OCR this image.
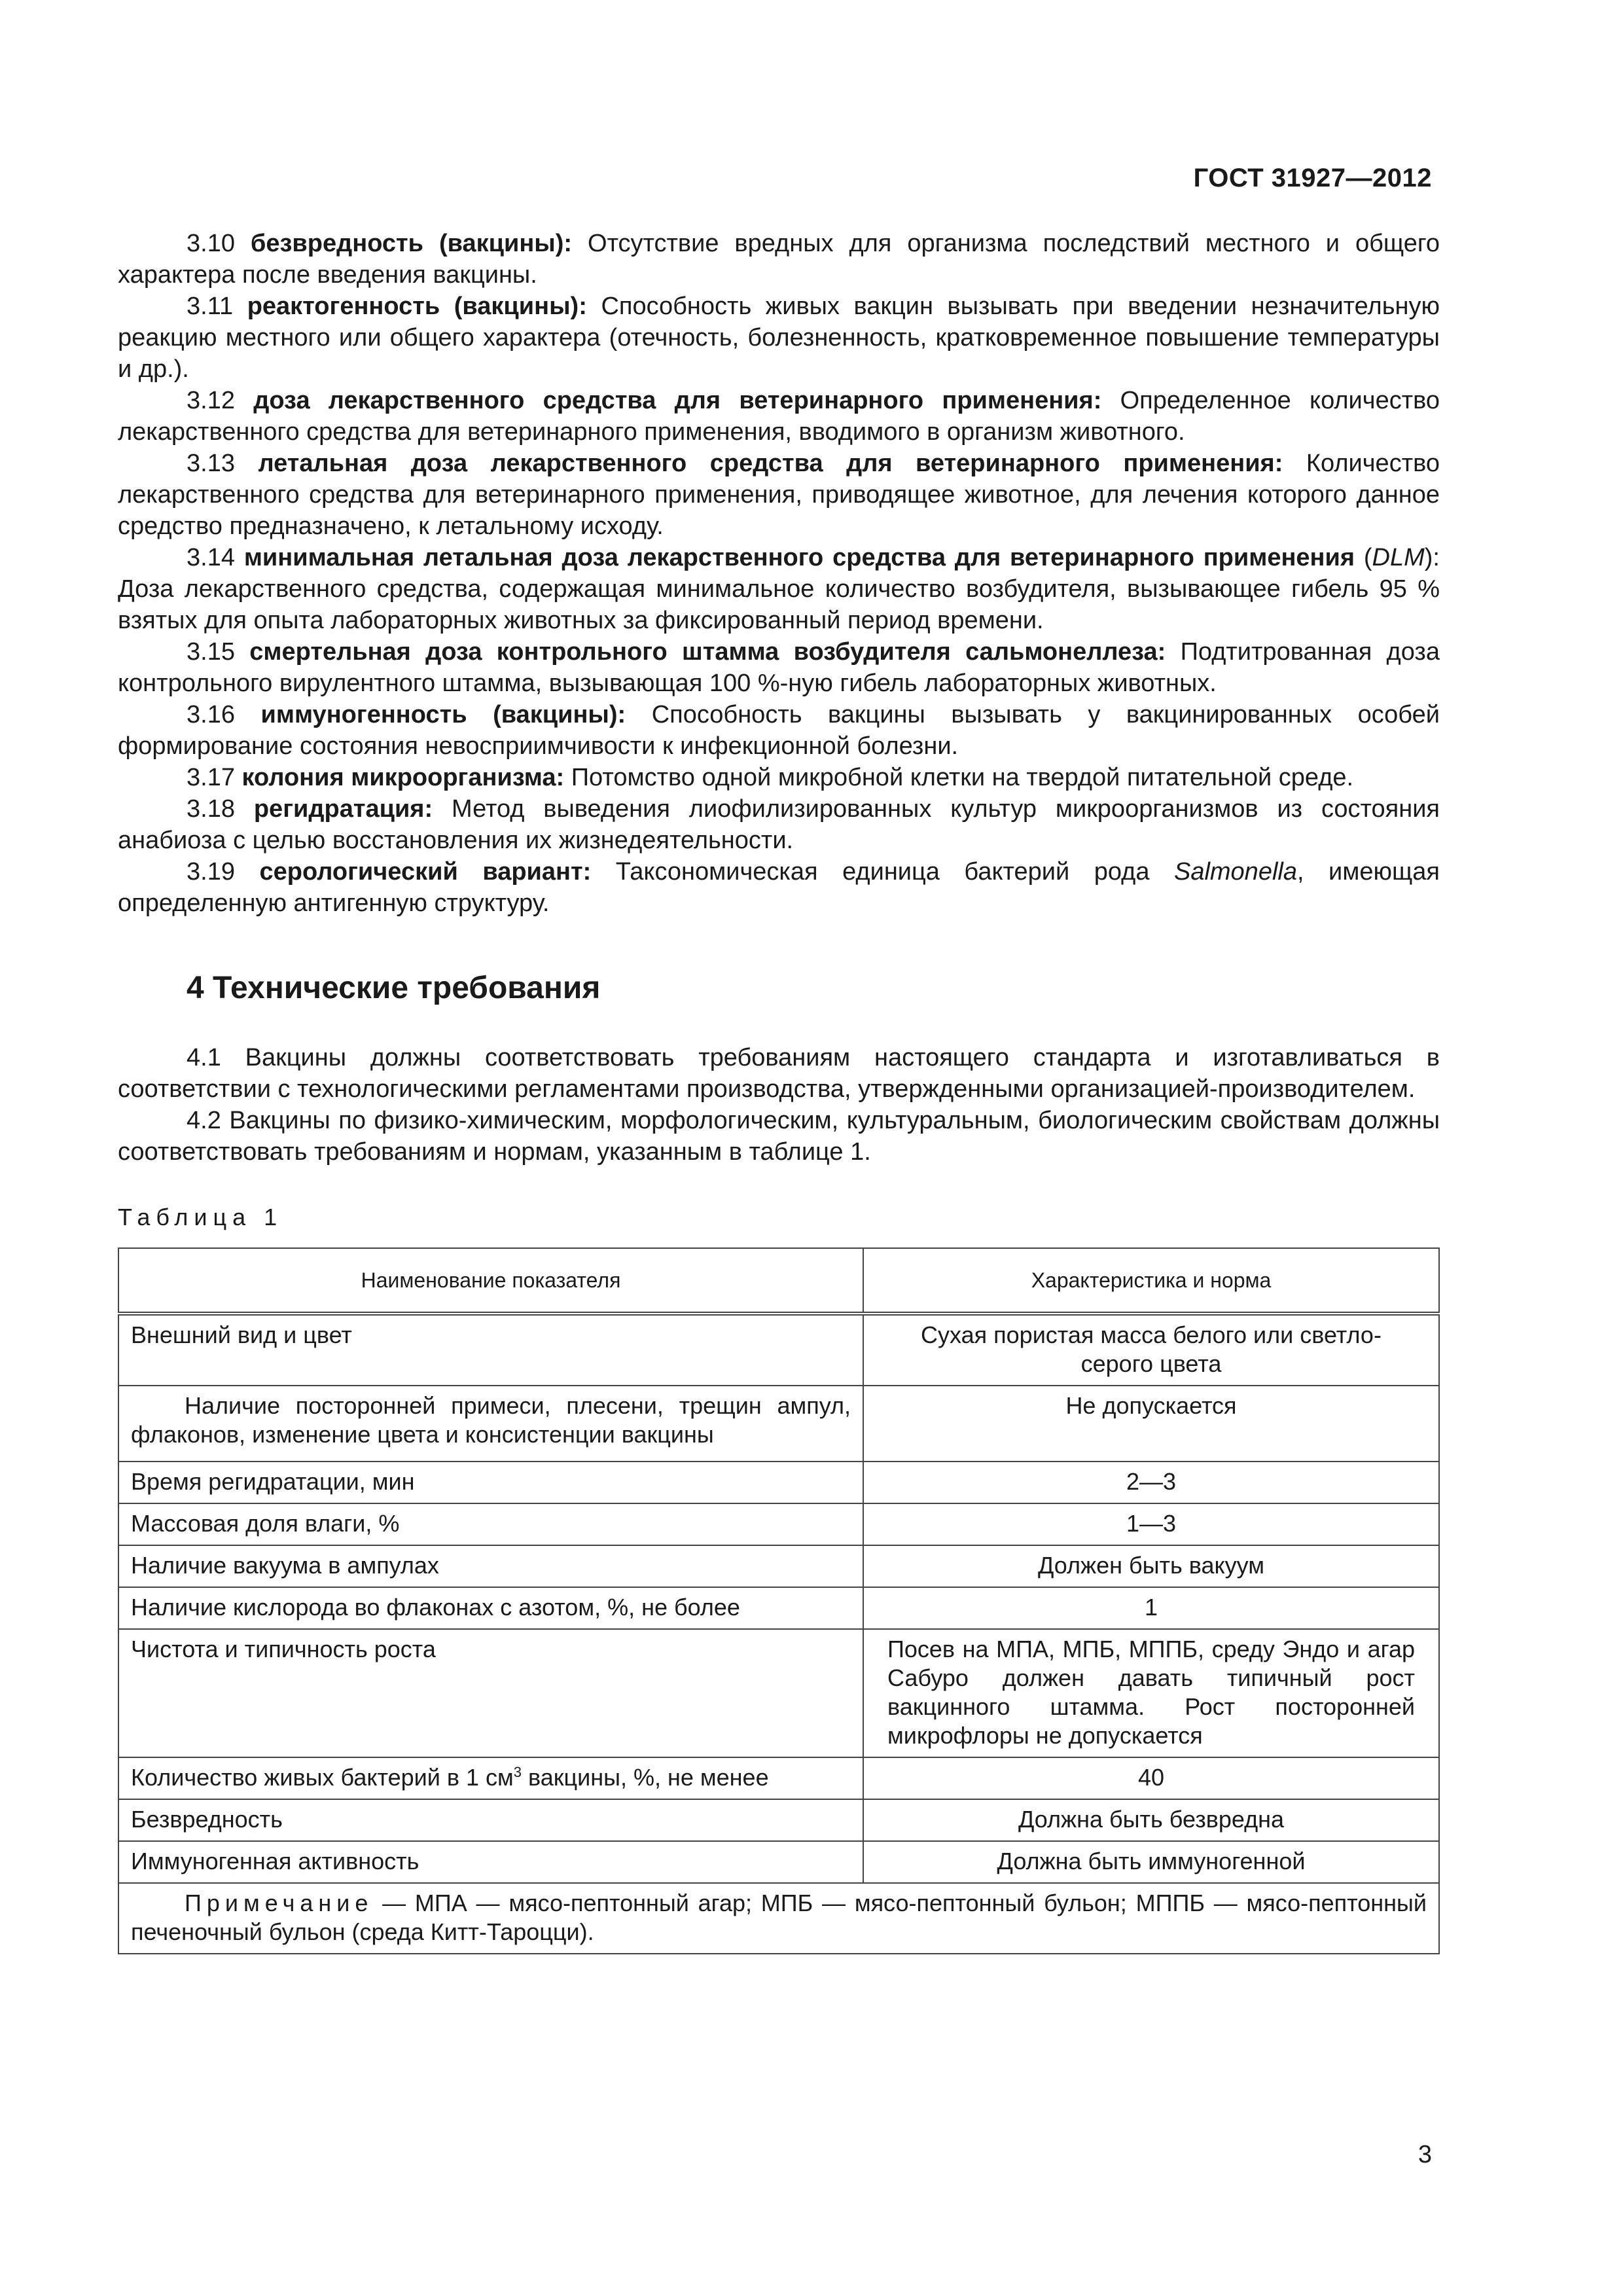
ГОСТ 31927—2012

3.10 безвредность (вакцины): Отсутствие вредных для организма последствий местного и общего характера после введения вакцины.

3.11 реактогенность (вакцины): Способность живых вакцин вызывать при введении незначительную реакцию местного или общего характера (отечность, болезненность, кратковременное повышение температуры и др.).

3.12 доза лекарственного средства для ветеринарного применения: Определенное количество лекарственного средства для ветеринарного применения, вводимого в организм животного.

3.13 летальная доза лекарственного средства для ветеринарного применения: Количество лекарственного средства для ветеринарного применения, приводящее животное, для лечения которого данное средство предназначено, к летальному исходу.

3.14 минимальная летальная доза лекарственного средства для ветеринарного применения (DLM): Доза лекарственного средства, содержащая минимальное количество возбудителя, вызывающее гибель 95 % взятых для опыта лабораторных животных за фиксированный период времени.

3.15 смертельная доза контрольного штамма возбудителя сальмонеллеза: Подтитрованная доза контрольного вирулентного штамма, вызывающая 100 %-ную гибель лабораторных животных.

3.16 иммуногенность (вакцины): Способность вакцины вызывать у вакцинированных особей формирование состояния невосприимчивости к инфекционной болезни.

3.17 колония микроорганизма: Потомство одной микробной клетки на твердой питательной среде.

3.18 регидратация: Метод выведения лиофилизированных культур микроорганизмов из состояния анабиоза с целью восстановления их жизнедеятельности.

3.19 серологический вариант: Таксономическая единица бактерий рода Salmonella, имеющая определенную антигенную структуру.

4 Технические требования

4.1 Вакцины должны соответствовать требованиям настоящего стандарта и изготавливаться в соответствии с технологическими регламентами производства, утвержденными организацией-производителем.

4.2 Вакцины по физико-химическим, морфологическим, культуральным, биологическим свойствам должны соответствовать требованиям и нормам, указанным в таблице 1.

Таблица 1
Наименование показателя	Характеристика и норма
Внешний вид и цвет	Сухая пористая масса белого или светло-серого цвета
Наличие посторонней примеси, плесени, трещин ампул, флаконов, изменение цвета и консистенции вакцины	Не допускается
Время регидратации, мин	2—3
Массовая доля влаги, %	1—3
Наличие вакуума в ампулах	Должен быть вакуум
Наличие кислорода во флаконах с азотом, %, не более	1
Чистота и типичность роста	Посев на МПА, МПБ, МППБ, среду Эндо и агар Сабуро должен давать типичный рост вакцинного штамма. Рост посторонней микрофлоры не допускается
Количество живых бактерий в 1 $см^3$ вакцины, %, не менее	40
Безвредность	Должна быть безвредна
Иммуногенная активность	Должна быть иммуногенной
Примечание — МПА — мясо-пептонный агар; МПБ — мясо-пептонный бульон; МППБ — мясо-пептонный печеночный бульон (среда Китт-Тароцци).	
3
